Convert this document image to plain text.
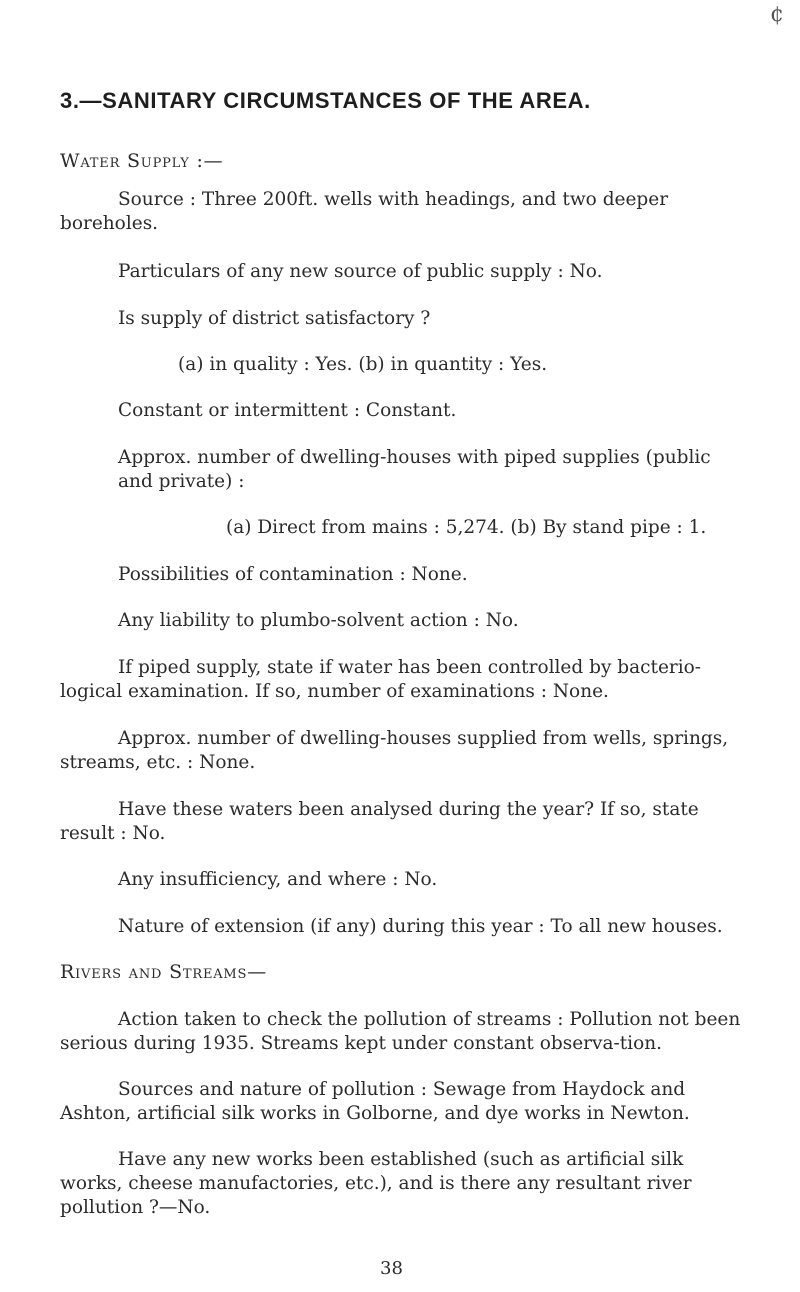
¢
3.—SANITARY CIRCUMSTANCES OF THE AREA.
Water Supply :—
Source : Three 200ft. wells with headings, and two deeper boreholes.
Particulars of any new source of public supply : No.
Is supply of district satisfactory ?
(a) in quality : Yes. (b) in quantity : Yes.
Constant or intermittent : Constant.
Approx. number of dwelling-houses with piped supplies (public
and private) :
(a) Direct from mains : 5,274. (b) By stand pipe : 1.
Possibilities of contamination : None.
Any liability to plumbo-solvent action : No.
If piped supply, state if water has been controlled by bacterio-logical examination. If so, number of examinations : None.
Approx. number of dwelling-houses supplied from wells, springs, streams, etc. : None.
Have these waters been analysed during the year? If so, state result : No.
Any insufficiency, and where : No.
Nature of extension (if any) during this year : To all new houses.
Rivers and Streams—
Action taken to check the pollution of streams : Pollution not been serious during 1935. Streams kept under constant observa-tion.
Sources and nature of pollution : Sewage from Haydock and Ashton, artificial silk works in Golborne, and dye works in Newton.
Have any new works been established (such as artificial silk works, cheese manufactories, etc.), and is there any resultant river pollution ?—No.
38
